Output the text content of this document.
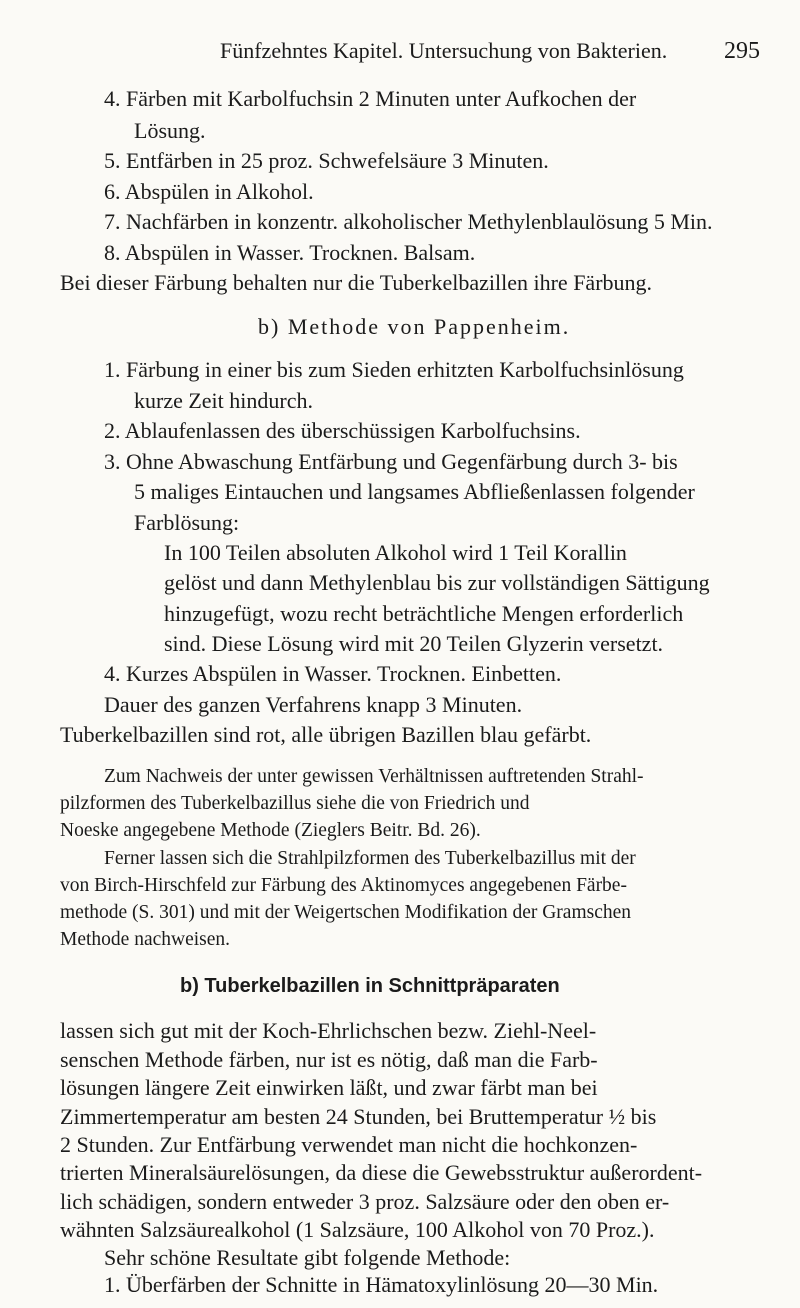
Fünfzehntes Kapitel. Untersuchung von Bakterien. 295
4. Färben mit Karbolfuchsin 2 Minuten unter Aufkochen der
Lösung.
5. Entfärben in 25 proz. Schwefelsäure 3 Minuten.
6. Abspülen in Alkohol.
7. Nachfärben in konzentr. alkoholischer Methylenblaulösung 5 Min.
8. Abspülen in Wasser. Trocknen. Balsam.
Bei dieser Färbung behalten nur die Tuberkelbazillen ihre Färbung.
b) Methode von Pappenheim.
1. Färbung in einer bis zum Sieden erhitzten Karbolfuchsinlösung
kurze Zeit hindurch.
2. Ablaufenlassen des überschüssigen Karbolfuchsins.
3. Ohne Abwaschung Entfärbung und Gegenfärbung durch 3- bis
5 maliges Eintauchen und langsames Abfließenlassen folgender
Farblösung:
In 100 Teilen absoluten Alkohol wird 1 Teil Korallin
gelöst und dann Methylenblau bis zur vollständigen Sättigung
hinzugefügt, wozu recht beträchtliche Mengen erforderlich
sind. Diese Lösung wird mit 20 Teilen Glyzerin versetzt.
4. Kurzes Abspülen in Wasser. Trocknen. Einbetten.
Dauer des ganzen Verfahrens knapp 3 Minuten.
Tuberkelbazillen sind rot, alle übrigen Bazillen blau gefärbt.
Zum Nachweis der unter gewissen Verhältnissen auftretenden Strahl-
pilzformen des Tuberkelbazillus siehe die von Friedrich und
Noeske angegebene Methode (Zieglers Beitr. Bd. 26).
Ferner lassen sich die Strahlpilzformen des Tuberkelbazillus mit der
von Birch-Hirschfeld zur Färbung des Aktinomyces angegebenen Färbe-
methode (S. 301) und mit der Weigertschen Modifikation der Gramschen
Methode nachweisen.
b) Tuberkelbazillen in Schnittpräparaten
lassen sich gut mit der Koch-Ehrlichschen bezw. Ziehl-Neel-
senschen Methode färben, nur ist es nötig, daß man die Farb-
lösungen längere Zeit einwirken läßt, und zwar färbt man bei
Zimmertemperatur am besten 24 Stunden, bei Bruttemperatur ½ bis
2 Stunden. Zur Entfärbung verwendet man nicht die hochkonzen-
trierten Mineralsäurelösungen, da diese die Gewebsstruktur außerordent-
lich schädigen, sondern entweder 3 proz. Salzsäure oder den oben er-
wähnten Salzsäurealkohol (1 Salzsäure, 100 Alkohol von 70 Proz.).
Sehr schöne Resultate gibt folgende Methode:
1. Überfärben der Schnitte in Hämatoxylinlösung 20—30 Min.
